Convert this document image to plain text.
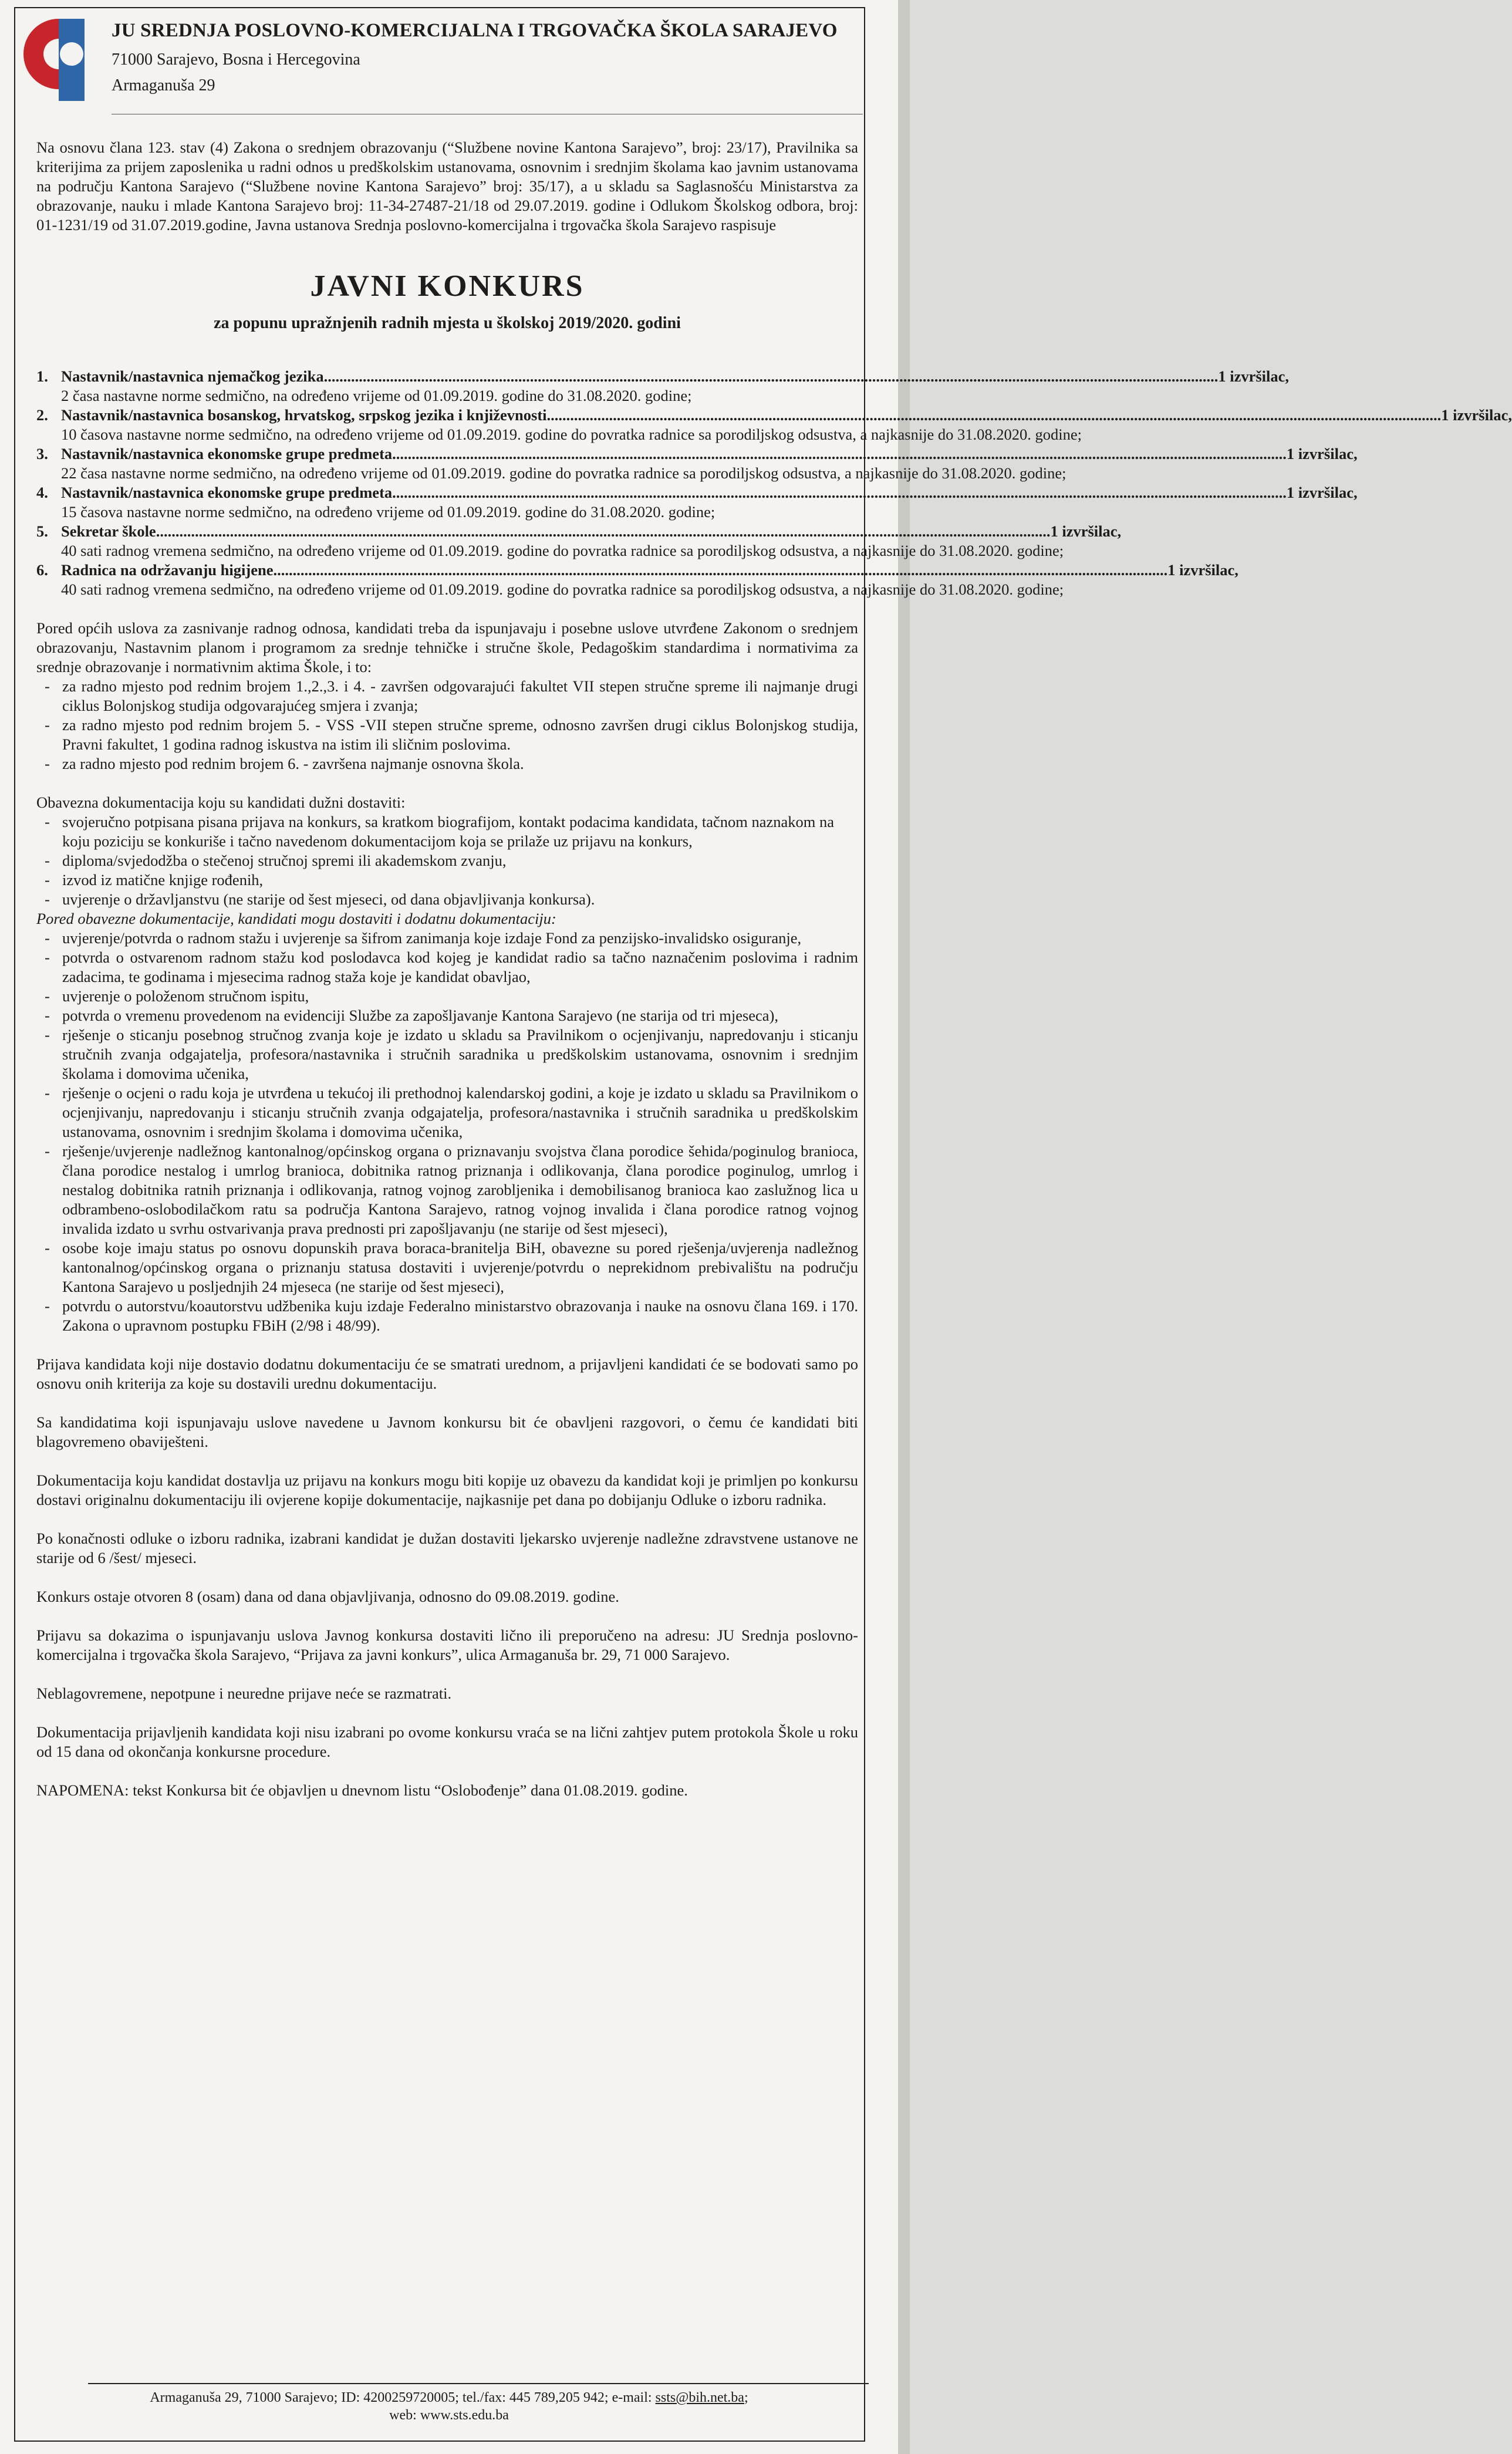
JU SREDNJA POSLOVNO-KOMERCIJALNA I TRGOVAČKA ŠKOLA SARAJEVO
71000 Sarajevo, Bosna i Hercegovina
Armaganuša 29

Na osnovu člana 123. stav (4) Zakona o srednjem obrazovanju (“Službene novine Kantona Sarajevo”, broj: 23/17), Pravilnika sa kriterijima za prijem zaposlenika u radni odnos u predškolskim ustanovama, osnovnim i srednjim školama kao javnim ustanovama na području Kantona Sarajevo (“Službene novine Kantona Sarajevo” broj: 35/17), a u skladu sa Saglasnošću Ministarstva za obrazovanje, nauku i mlade Kantona Sarajevo broj: 11-34-27487-21/18 od 29.07.2019. godine i Odlukom Školskog odbora, broj: 01-1231/19 od 31.07.2019.godine, Javna ustanova Srednja poslovno-komercijalna i trgovačka škola Sarajevo raspisuje

JAVNI KONKURS
za popunu upražnjenih radnih mjesta u školskoj 2019/2020. godini
1. Nastavnik/nastavnica njemačkog jezika .....	1 izvršilac,
2 časa nastavne norme sedmično, na određeno vrijeme od 01.09.2019. godine do 31.08.2020. godine;
2. Nastavnik/nastavnica bosanskog, hrvatskog, srpskog jezika i književnosti .....	1 izvršilac,
10 časova nastavne norme sedmično, na određeno vrijeme od 01.09.2019. godine do povratka radnice sa porodiljskog odsustva, a najkasnije do 31.08.2020. godine;
3. Nastavnik/nastavnica ekonomske grupe predmeta .....	1 izvršilac,
22 časa nastavne norme sedmično, na određeno vrijeme od 01.09.2019. godine do povratka radnice sa porodiljskog odsustva, a najkasnije do 31.08.2020. godine;
4. Nastavnik/nastavnica ekonomske grupe predmeta .....	1 izvršilac,
15 časova nastavne norme sedmično, na određeno vrijeme od 01.09.2019. godine do 31.08.2020. godine;
5. Sekretar škole .....	1 izvršilac,
40 sati radnog vremena sedmično, na određeno vrijeme od 01.09.2019. godine do povratka radnice sa porodiljskog odsustva, a najkasnije do 31.08.2020. godine;
6. Radnica na održavanju higijene .....	1 izvršilac,
40 sati radnog vremena sedmično, na određeno vrijeme od 01.09.2019. godine do povratka radnice sa porodiljskog odsustva, a najkasnije do 31.08.2020. godine;

Pored općih uslova za zasnivanje radnog odnosa, kandidati treba da ispunjavaju i posebne uslove utvrđene Zakonom o srednjem obrazovanju, Nastavnim planom i programom za srednje tehničke i stručne škole, Pedagoškim standardima i normativima za srednje obrazovanje i normativnim aktima Škole, i to:

- za radno mjesto pod rednim brojem 1.,2.,3. i 4. - završen odgovarajući fakultet VII stepen stručne spreme ili najmanje drugi ciklus Bolonjskog studija odgovarajućeg smjera i zvanja;
- za radno mjesto pod rednim brojem 5. - VSS -VII stepen stručne spreme, odnosno završen drugi ciklus Bolonjskog studija, Pravni fakultet, 1 godina radnog iskustva na istim ili sličnim poslovima.
- za radno mjesto pod rednim brojem 6. - završena najmanje osnovna škola.

Obavezna dokumentacija koju su kandidati dužni dostaviti:

- svojeručno potpisana pisana prijava na konkurs, sa kratkom biografijom, kontakt podacima kandidata, tačnom naznakom na koju poziciju se konkuriše i tačno navedenom dokumentacijom koja se prilaže uz prijavu na konkurs,
- diploma/svjedodžba o stečenoj stručnoj spremi ili akademskom zvanju,
- izvod iz matične knjige rođenih,
- uvjerenje o državljanstvu (ne starije od šest mjeseci, od dana objavljivanja konkursa).

Pored obavezne dokumentacije, kandidati mogu dostaviti i dodatnu dokumentaciju:

- uvjerenje/potvrda o radnom stažu i uvjerenje sa šifrom zanimanja koje izdaje Fond za penzijsko-invalidsko osiguranje,
- potvrda o ostvarenom radnom stažu kod poslodavca kod kojeg je kandidat radio sa tačno naznačenim poslovima i radnim zadacima, te godinama i mjesecima radnog staža koje je kandidat obavljao,
- uvjerenje o položenom stručnom ispitu,
- potvrda o vremenu provedenom na evidenciji Službe za zapošljavanje Kantona Sarajevo (ne starija od tri mjeseca),
- rješenje o sticanju posebnog stručnog zvanja koje je izdato u skladu sa Pravilnikom o ocjenjivanju, napredovanju i sticanju stručnih zvanja odgajatelja, profesora/nastavnika i stručnih saradnika u predškolskim ustanovama, osnovnim i srednjim školama i domovima učenika,
- rješenje o ocjeni o radu koja je utvrđena u tekućoj ili prethodnoj kalendarskoj godini, a koje je izdato u skladu sa Pravilnikom o ocjenjivanju, napredovanju i sticanju stručnih zvanja odgajatelja, profesora/nastavnika i stručnih saradnika u predškolskim ustanovama, osnovnim i srednjim školama i domovima učenika,
- rješenje/uvjerenje nadležnog kantonalnog/općinskog organa o priznavanju svojstva člana porodice šehida/poginulog branioca, člana porodice nestalog i umrlog branioca, dobitnika ratnog priznanja i odlikovanja, člana porodice poginulog, umrlog i nestalog dobitnika ratnih priznanja i odlikovanja, ratnog vojnog zarobljenika i demobilisanog branioca kao zaslužnog lica u odbrambeno-oslobodilačkom ratu sa područja Kantona Sarajevo, ratnog vojnog invalida i člana porodice ratnog vojnog invalida izdato u svrhu ostvarivanja prava prednosti pri zapošljavanju (ne starije od šest mjeseci),
- osobe koje imaju status po osnovu dopunskih prava boraca-branitelja BiH, obavezne su pored rješenja/uvjerenja nadležnog kantonalnog/općinskog organa o priznanju statusa dostaviti i uvjerenje/potvrdu o neprekidnom prebivalištu na području Kantona Sarajevo u posljednjih 24 mjeseca (ne starije od šest mjeseci),
- potvrdu o autorstvu/koautorstvu udžbenika kuju izdaje Federalno ministarstvo obrazovanja i nauke na osnovu člana 169. i 170. Zakona o upravnom postupku FBiH (2/98 i 48/99).

Prijava kandidata koji nije dostavio dodatnu dokumentaciju će se smatrati urednom, a prijavljeni kandidati će se bodovati samo po osnovu onih kriterija za koje su dostavili urednu dokumentaciju.

Sa kandidatima koji ispunjavaju uslove navedene u Javnom konkursu bit će obavljeni razgovori, o čemu će kandidati biti blagovremeno obaviješteni.

Dokumentacija koju kandidat dostavlja uz prijavu na konkurs mogu biti kopije uz obavezu da kandidat koji je primljen po konkursu dostavi originalnu dokumentaciju ili ovjerene kopije dokumentacije, najkasnije pet dana po dobijanju Odluke o izboru radnika.

Po konačnosti odluke o izboru radnika, izabrani kandidat je dužan dostaviti ljekarsko uvjerenje nadležne zdravstvene ustanove ne starije od 6 /šest/ mjeseci.

Konkurs ostaje otvoren 8 (osam) dana od dana objavljivanja, odnosno do 09.08.2019. godine.

Prijavu sa dokazima o ispunjavanju uslova Javnog konkursa dostaviti lično ili preporučeno na adresu: JU Srednja poslovno-komercijalna i trgovačka škola Sarajevo, “Prijava za javni konkurs”, ulica Armaganuša br. 29, 71 000 Sarajevo.

Neblagovremene, nepotpune i neuredne prijave neće se razmatrati.

Dokumentacija prijavljenih kandidata koji nisu izabrani po ovome konkursu vraća se na lični zahtjev putem protokola Škole u roku od 15 dana od okončanja konkursne procedure.

NAPOMENA: tekst Konkursa bit će objavljen u dnevnom listu “Oslobođenje” dana 01.08.2019. godine.

Armaganuša 29, 71000 Sarajevo; ID: 4200259720005; tel./fax: 445 789,205 942; e-mail: ssts@bih.net.ba;
web: www.sts.edu.ba
